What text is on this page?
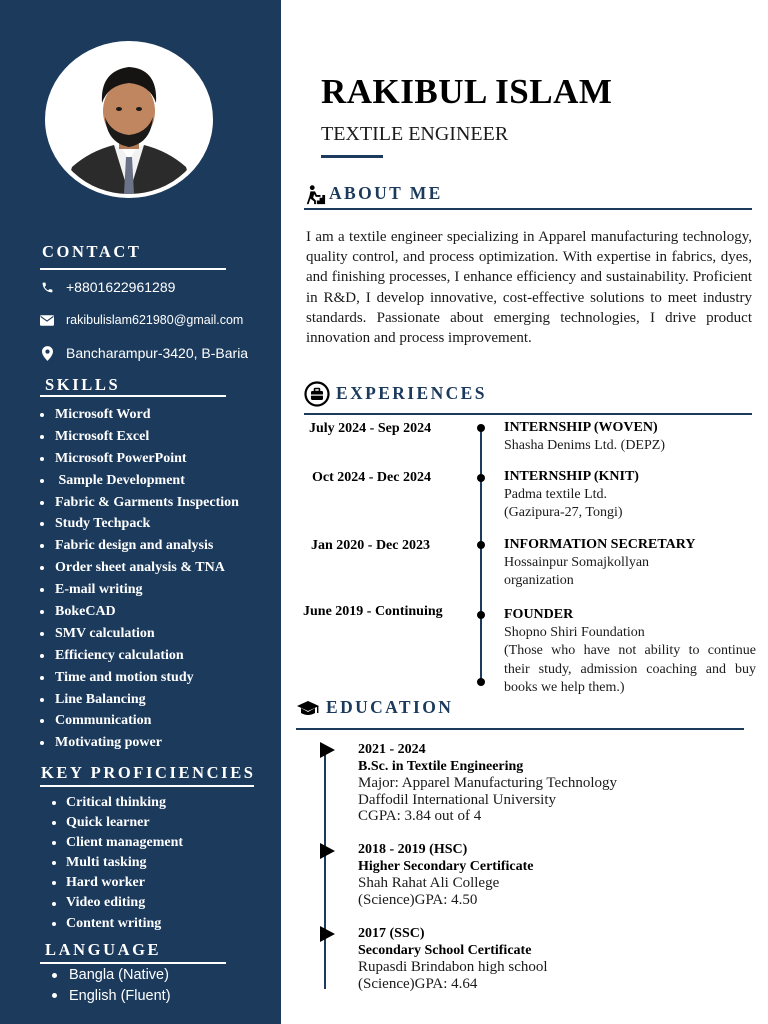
CONTACT
+8801622961289
rakibulislam621980@gmail.com
Bancharampur-3420, B-Baria
SKILLS
Microsoft Word
Microsoft Excel
Microsoft PowerPoint
Sample Development
Fabric & Garments Inspection
Study Techpack
Fabric design and analysis
Order sheet analysis & TNA
E-mail writing
BokeCAD
SMV calculation
Efficiency calculation
Time and motion study
Line Balancing
Communication
Motivating power
KEY PROFICIENCIES
Critical thinking
Quick learner
Client management
Multi tasking
Hard worker
Video editing
Content writing
LANGUAGE
Bangla (Native)
English (Fluent)
RAKIBUL ISLAM
TEXTILE ENGINEER
ABOUT ME
I am a textile engineer specializing in Apparel manufacturing technology, quality control, and process optimization. With expertise in fabrics, dyes, and finishing processes, I enhance efficiency and sustainability. Proficient in R&D, I develop innovative, cost-effective solutions to meet industry standards. Passionate about emerging technologies, I drive product innovation and process improvement.
EXPERIENCES
July 2024 - Sep 2024	INTERNSHIP (WOVEN)
Shasha Denims Ltd. (DEPZ)
Oct 2024 - Dec 2024	INTERNSHIP (KNIT)
Padma textile Ltd.
(Gazipura-27, Tongi)
Jan 2020 - Dec 2023	INFORMATION SECRETARY
Hossainpur Somajkollyan
organization
June 2019 - Continuing	FOUNDER
Shopno Shiri Foundation
(Those who have not ability to continue their study, admission coaching and buy books we help them.)
EDUCATION
2021 - 2024
B.Sc. in Textile Engineering
Major: Apparel Manufacturing Technology
Daffodil International University
CGPA: 3.84 out of 4
2018 - 2019 (HSC)
Higher Secondary Certificate
Shah Rahat Ali College
(Science)GPA: 4.50
2017 (SSC)
Secondary School Certificate
Rupasdi Brindabon high school
(Science)GPA: 4.64
